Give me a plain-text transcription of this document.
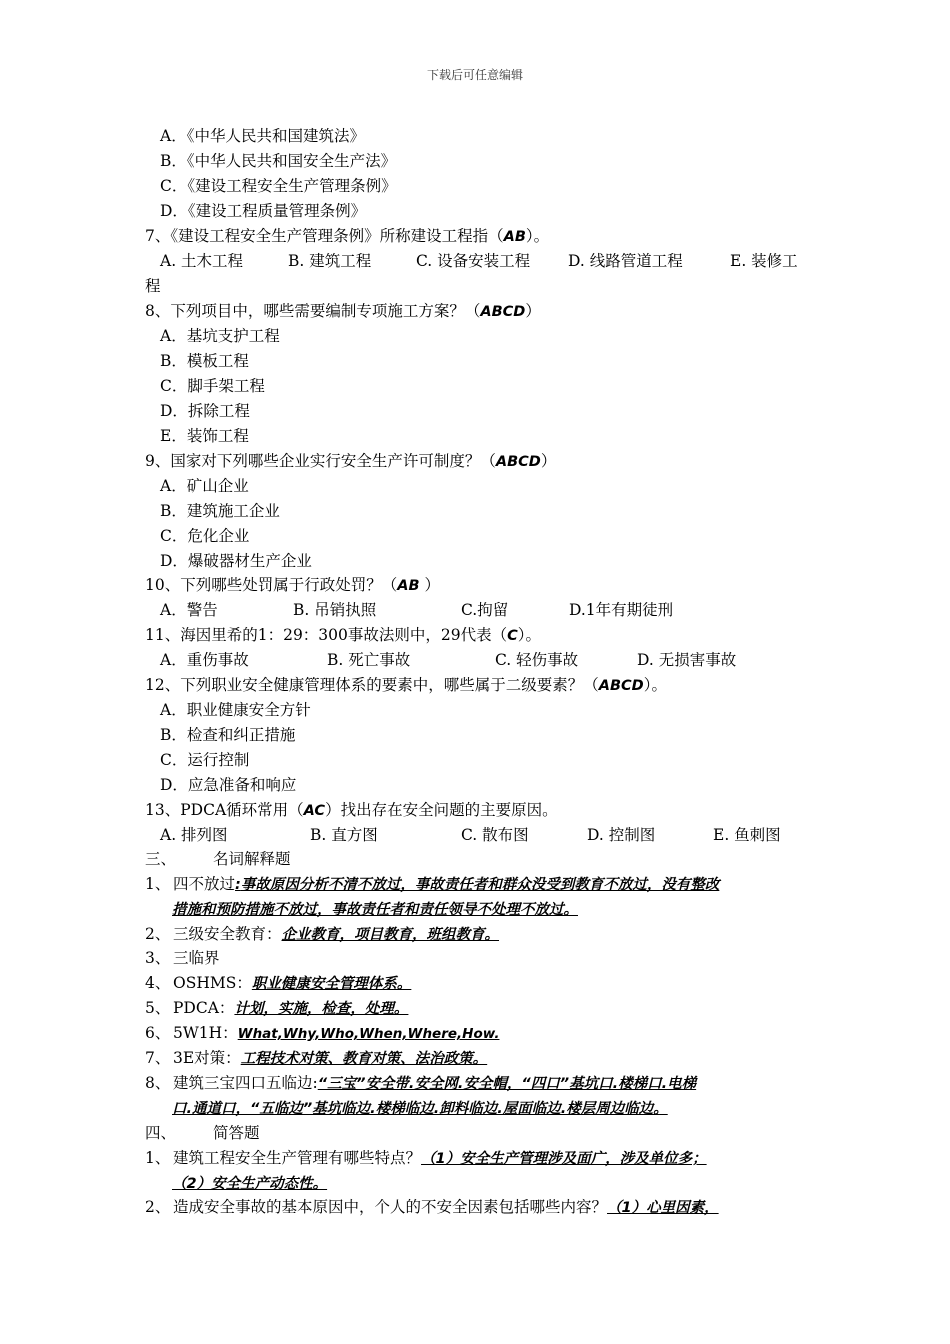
下载后可任意编辑
A．《中华人民共和国建筑法》
B．《中华人民共和国安全生产法》
C．《建设工程安全生产管理条例》
D．《建设工程质量管理条例》
7、《建设工程安全生产管理条例》所称建设工程指（AB）。
A. 土木工程	B. 建筑工程	C. 设备安装工程 D. 线路管道工程	E. 装修工
程
8、下列项目中，哪些需要编制专项施工方案？（ABCD）
A．基坑支护工程
B．模板工程
C．脚手架工程
D．拆除工程
E．装饰工程
9、国家对下列哪些企业实行安全生产许可制度？（ABCD）
A．矿山企业
B．建筑施工企业
C．危化企业
D．爆破器材生产企业
10、下列哪些处罚属于行政处罚？（AB ）
A．警告	B. 吊销执照	C.拘留	D.1年有期徒刑
11、海因里希的1：29：300事故法则中，29代表（C）。
A．重伤事故	B. 死亡事故	C. 轻伤事故	D. 无损害事故
12、下列职业安全健康管理体系的要素中，哪些属于二级要素？（ABCD）。
A．职业健康安全方针
B．检查和纠正措施
C．运行控制
D．应急准备和响应
13、PDCA循环常用（AC）找出存在安全问题的主要原因。
A. 排列图	B. 直方图	C. 散布图	D. 控制图	E. 鱼刺图
三、 名词解释题
1、 四不放过:事故原因分析不清不放过，事故责任者和群众没受到教育不放过，没有整改
措施和预防措施不放过，事故责任者和责任领导不处理不放过。
2、 三级安全教育：企业教育，项目教育，班组教育。
3、 三临界
4、 OSHMS：职业健康安全管理体系。
5、 PDCA：计划，实施，检查，处理。
6、 5W1H：What,Why,Who,When,Where,How.
7、 3E对策：工程技术对策、教育对策、法治政策。
8、 建筑三宝四口五临边:“三宝”安全带.安全网.安全帽，“四口”基坑口.楼梯口.电梯
口.通道口，“五临边”基坑临边.楼梯临边.卸料临边.屋面临边.楼层周边临边。
四、 简答题
1、 建筑工程安全生产管理有哪些特点？（1）安全生产管理涉及面广，涉及单位多；
（2）安全生产动态性。
2、 造成安全事故的基本原因中，个人的不安全因素包括哪些内容？（1）心里因素，
